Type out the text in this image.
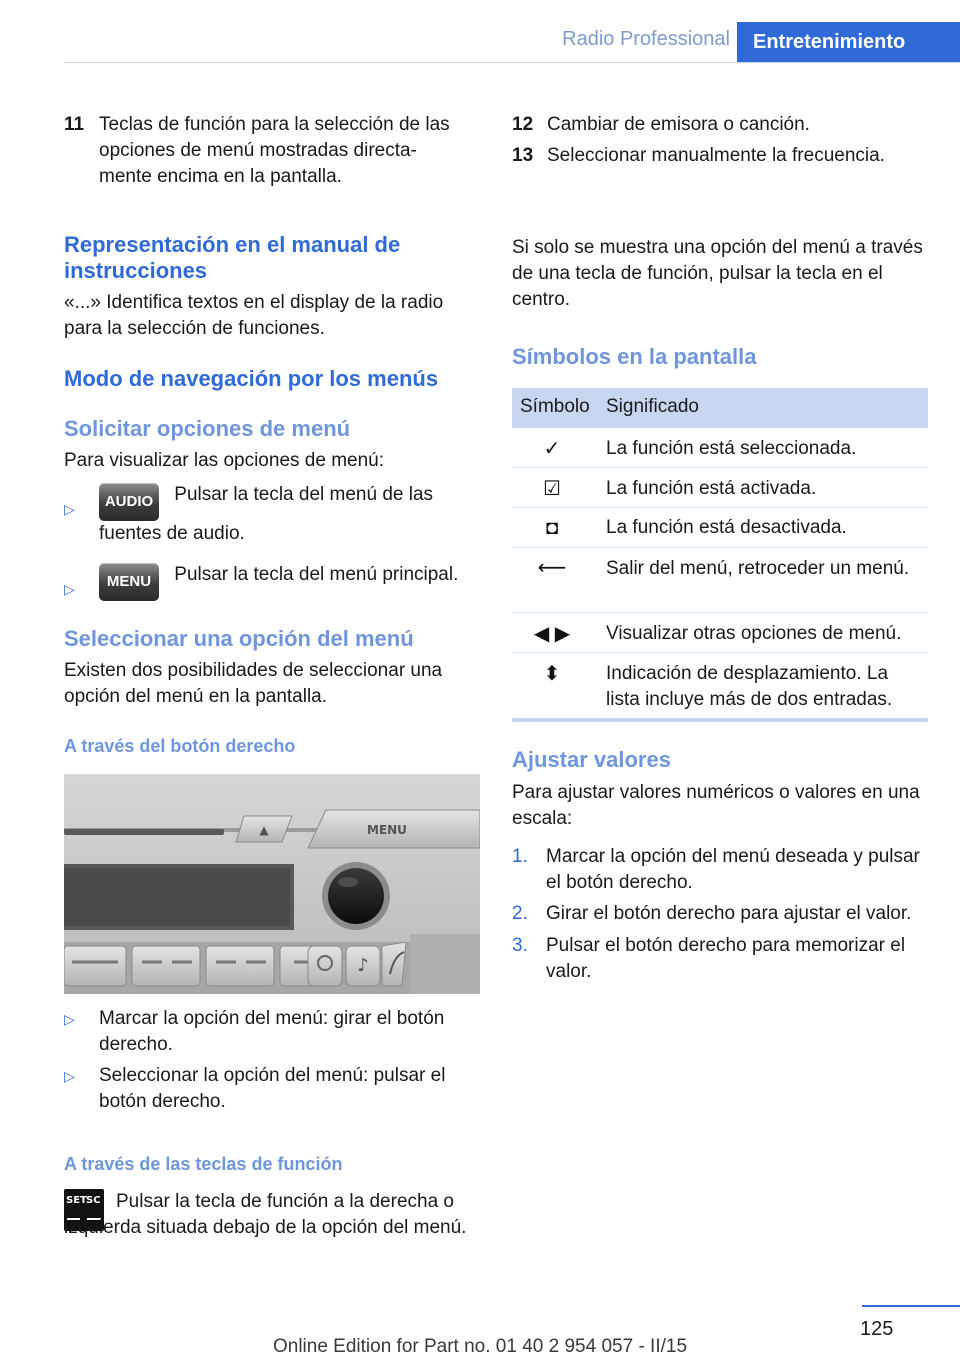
Radio Professional	Entretenimiento
11 Teclas de función para la selección de las
opciones de menú mostradas directa‐
mente encima en la pantalla.
12 Cambiar de emisora o canción.
13 Seleccionar manualmente la frecuencia.
Representación en el manual de instrucciones
«...» Identifica textos en el display de la radio para la selección de funciones.
Modo de navegación por los menús
Solicitar opciones de menú
Para visualizar las opciones de menú:
▷	AUDIO Pulsar la tecla del menú de las fuentes de audio.
▷	MENU Pulsar la tecla del menú principal.
Seleccionar una opción del menú
Existen dos posibilidades de seleccionar una opción del menú en la pantalla.
A través del botón derecho
▲	MENU
♪
▷ Marcar la opción del menú: girar el botón derecho.
▷ Seleccionar la opción del menú: pulsar el botón derecho.
A través de las teclas de función
SET SC Pulsar la tecla de función a la derecha o izquierda situada debajo de la opción del menú.
Si solo se muestra una opción del menú a través de una tecla de función, pulsar la tecla en el centro.
Símbolos en la pantalla
Símbolo Significado
✓	La función está seleccionada.
☑	La función está activada.
◘	La función está desactivada.
⟵	Salir del menú, retroceder un menú.
◀ ▶	Visualizar otras opciones de menú.
⬍	Indicación de desplazamiento. La lista incluye más de dos entradas.
Ajustar valores
Para ajustar valores numéricos o valores en una escala:
1. Marcar la opción del menú deseada y pulsar el botón derecho.
2. Girar el botón derecho para ajustar el valor.
3. Pulsar el botón derecho para memorizar el valor.
125
Online Edition for Part no. 01 40 2 954 057 - II/15
